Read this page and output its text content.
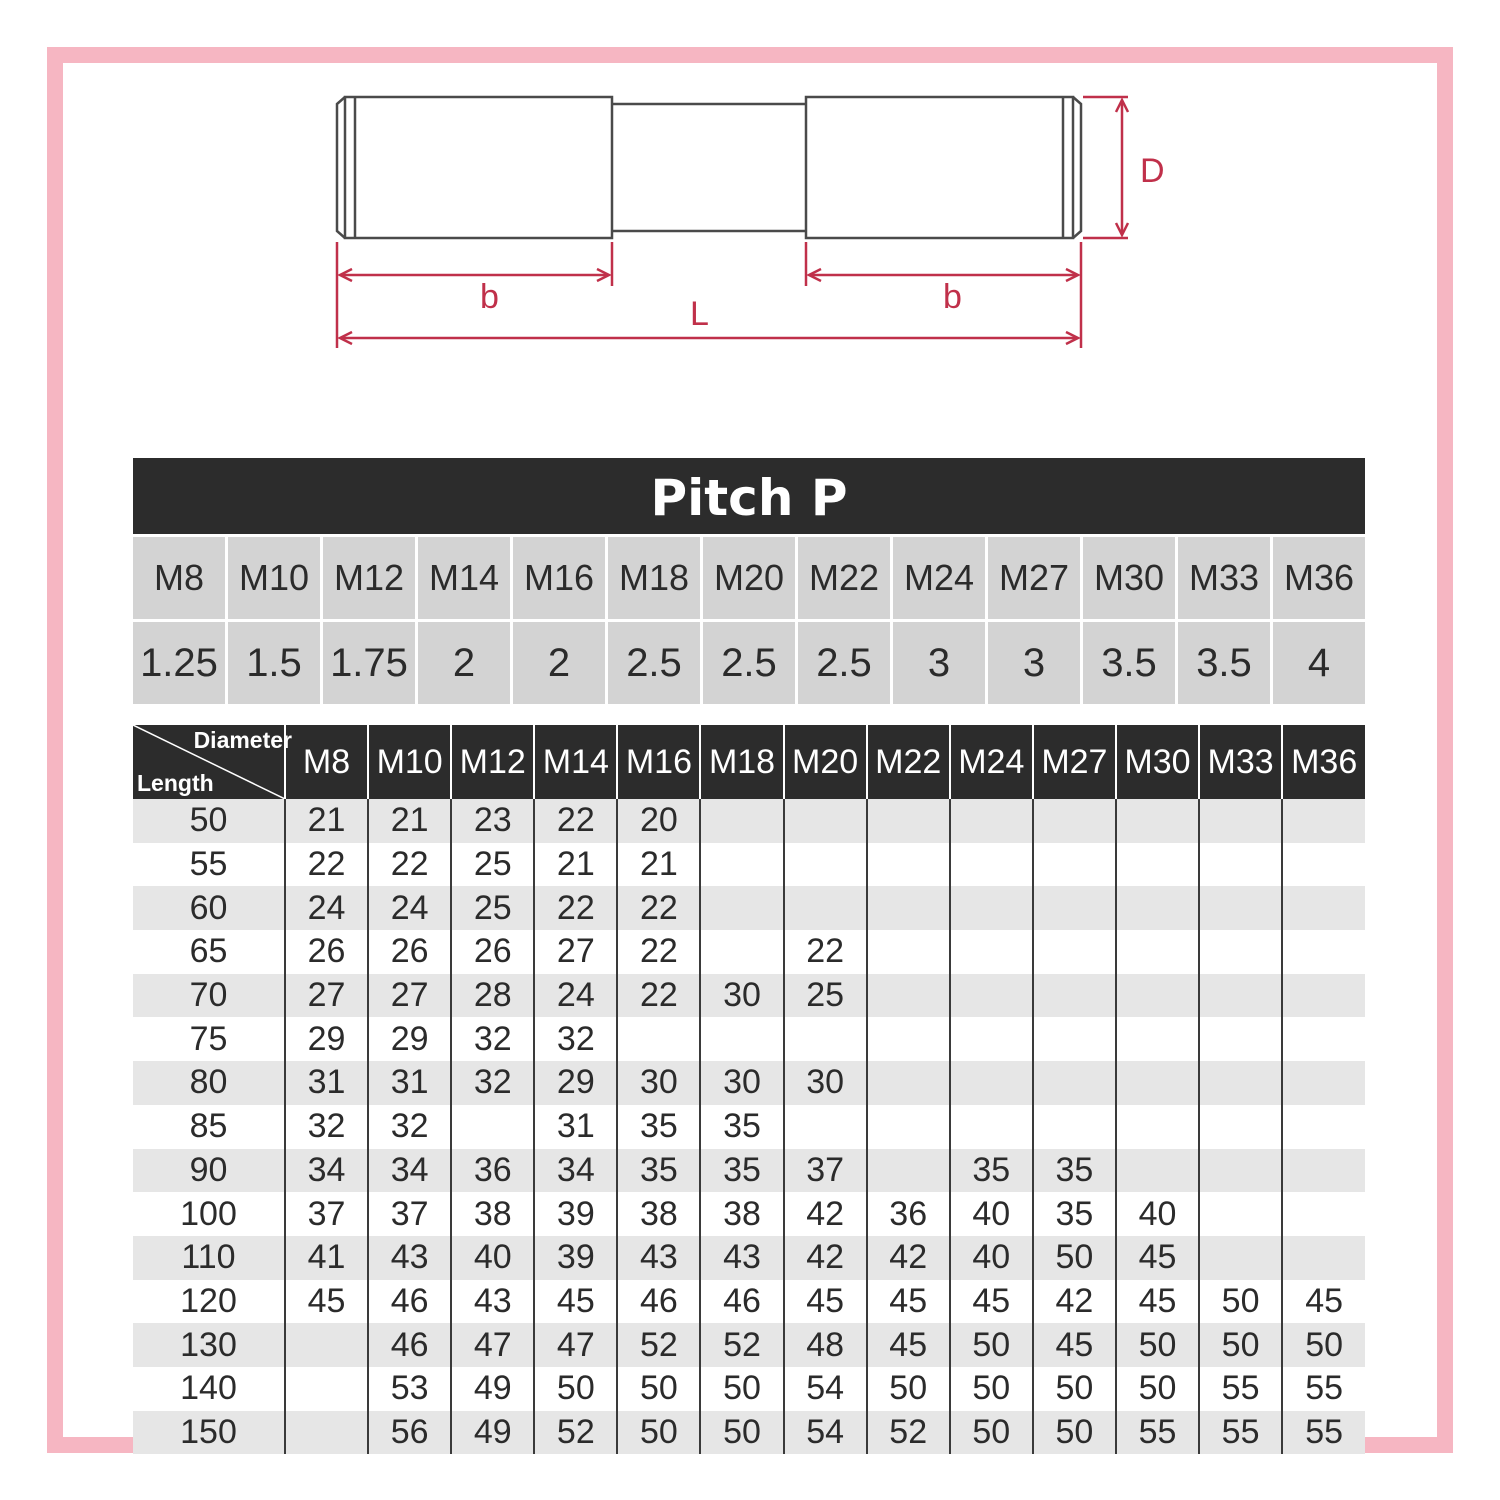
D
b	b
L
Pitch P
M8 M10 M12 M14 M16 M18 M20 M22 M24 M27 M30 M33 M36
1.25 1.5 1.75	2	2	2.5 2.5 2.5	3	3	3.5 3.5	4
Diameter
Length	M8	M10	M12	M14	M16	M18	M20	M22	M24	M27	M30	M33	M36
50	21	21	23	22	20								
55	22	22	25	21	21								
60	24	24	25	22	22								
65	26	26	26	27	22		22						
70	27	27	28	24	22	30	25						
75	29	29	32	32									
80	31	31	32	29	30	30	30						
85	32	32		31	35	35							
90	34	34	36	34	35	35	37		35	35			
100	37	37	38	39	38	38	42	36	40	35	40		
110	41	43	40	39	43	43	42	42	40	50	45		
120	45	46	43	45	46	46	45	45	45	42	45	50	45
130		46	47	47	52	52	48	45	50	45	50	50	50
140		53	49	50	50	50	54	50	50	50	50	55	55
150		56	49	52	50	50	54	52	50	50	55	55	55
